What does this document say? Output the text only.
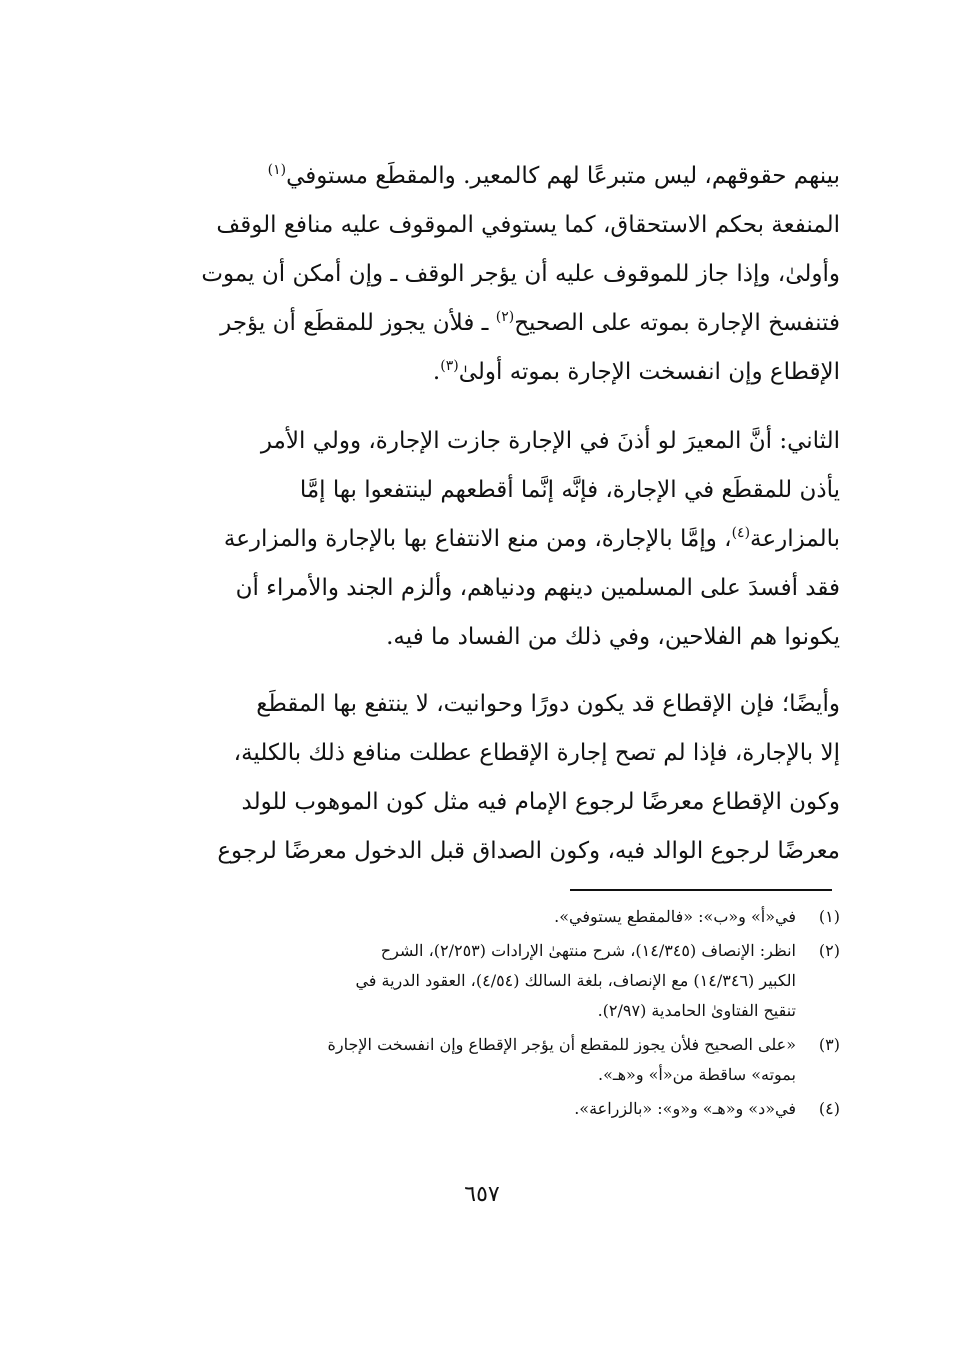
بينهم حقوقهم، ليس متبرعًا لهم كالمعير. والمقطَع مستوفي$^{(١)}$
المنفعة بحكم الاستحقاق، كما يستوفي الموقوف عليه منافع الوقف
وأولىٰ، وإذا جاز للموقوف عليه أن يؤجر الوقف ـ وإن أمكن أن يموت
فتنفسخ الإجارة بموته على الصحيح$^{(٢)}$ ـ فلأن يجوز للمقطَع أن يؤجر
الإقطاع وإن انفسخت الإجارة بموته أولىٰ$^{(٣)}$.
الثاني: أنَّ المعيرَ لو أذنَ في الإجارة جازت الإجارة، وولي الأمر
يأذن للمقطَع في الإجارة، فإنَّه إنَّما أقطعهم لينتفعوا بها إمَّا
بالمزارعة$^{(٤)}$، وإمَّا بالإجارة، ومن منع الانتفاع بها بالإجارة والمزارعة
فقد أفسدَ على المسلمين دينهم ودنياهم، وألزم الجند والأمراء أن
يكونوا هم الفلاحين، وفي ذلك من الفساد ما فيه.
وأيضًا؛ فإن الإقطاع قد يكون دورًا وحوانيت، لا ينتفع بها المقطَع
إلا بالإجارة، فإذا لم تصح إجارة الإقطاع عطلت منافع ذلك بالكلية،
وكون الإقطاع معرضًا لرجوع الإمام فيه مثل كون الموهوب للولد
معرضًا لرجوع الوالد فيه، وكون الصداق قبل الدخول معرضًا لرجوع
(١)
في«أ» و«ب»: «فالمقطع يستوفي».
(٢)
انظر: الإنصاف (١٤/٣٤٥)، شرح منتهىٰ الإرادات (٢/٢٥٣)، الشرح
الكبير (١٤/٣٤٦) مع الإنصاف، بلغة السالك (٤/٥٤)، العقود الدرية في
تنقيح الفتاوىٰ الحامدية (٢/٩٧).
(٣)
«على الصحيح فلأن يجوز للمقطع أن يؤجر الإقطاع وإن انفسخت الإجارة
بموته» ساقطة من«أ» و«هـ».
(٤)
في«د» و«هـ» و«و»: «بالزراعة».
٦٥٧
